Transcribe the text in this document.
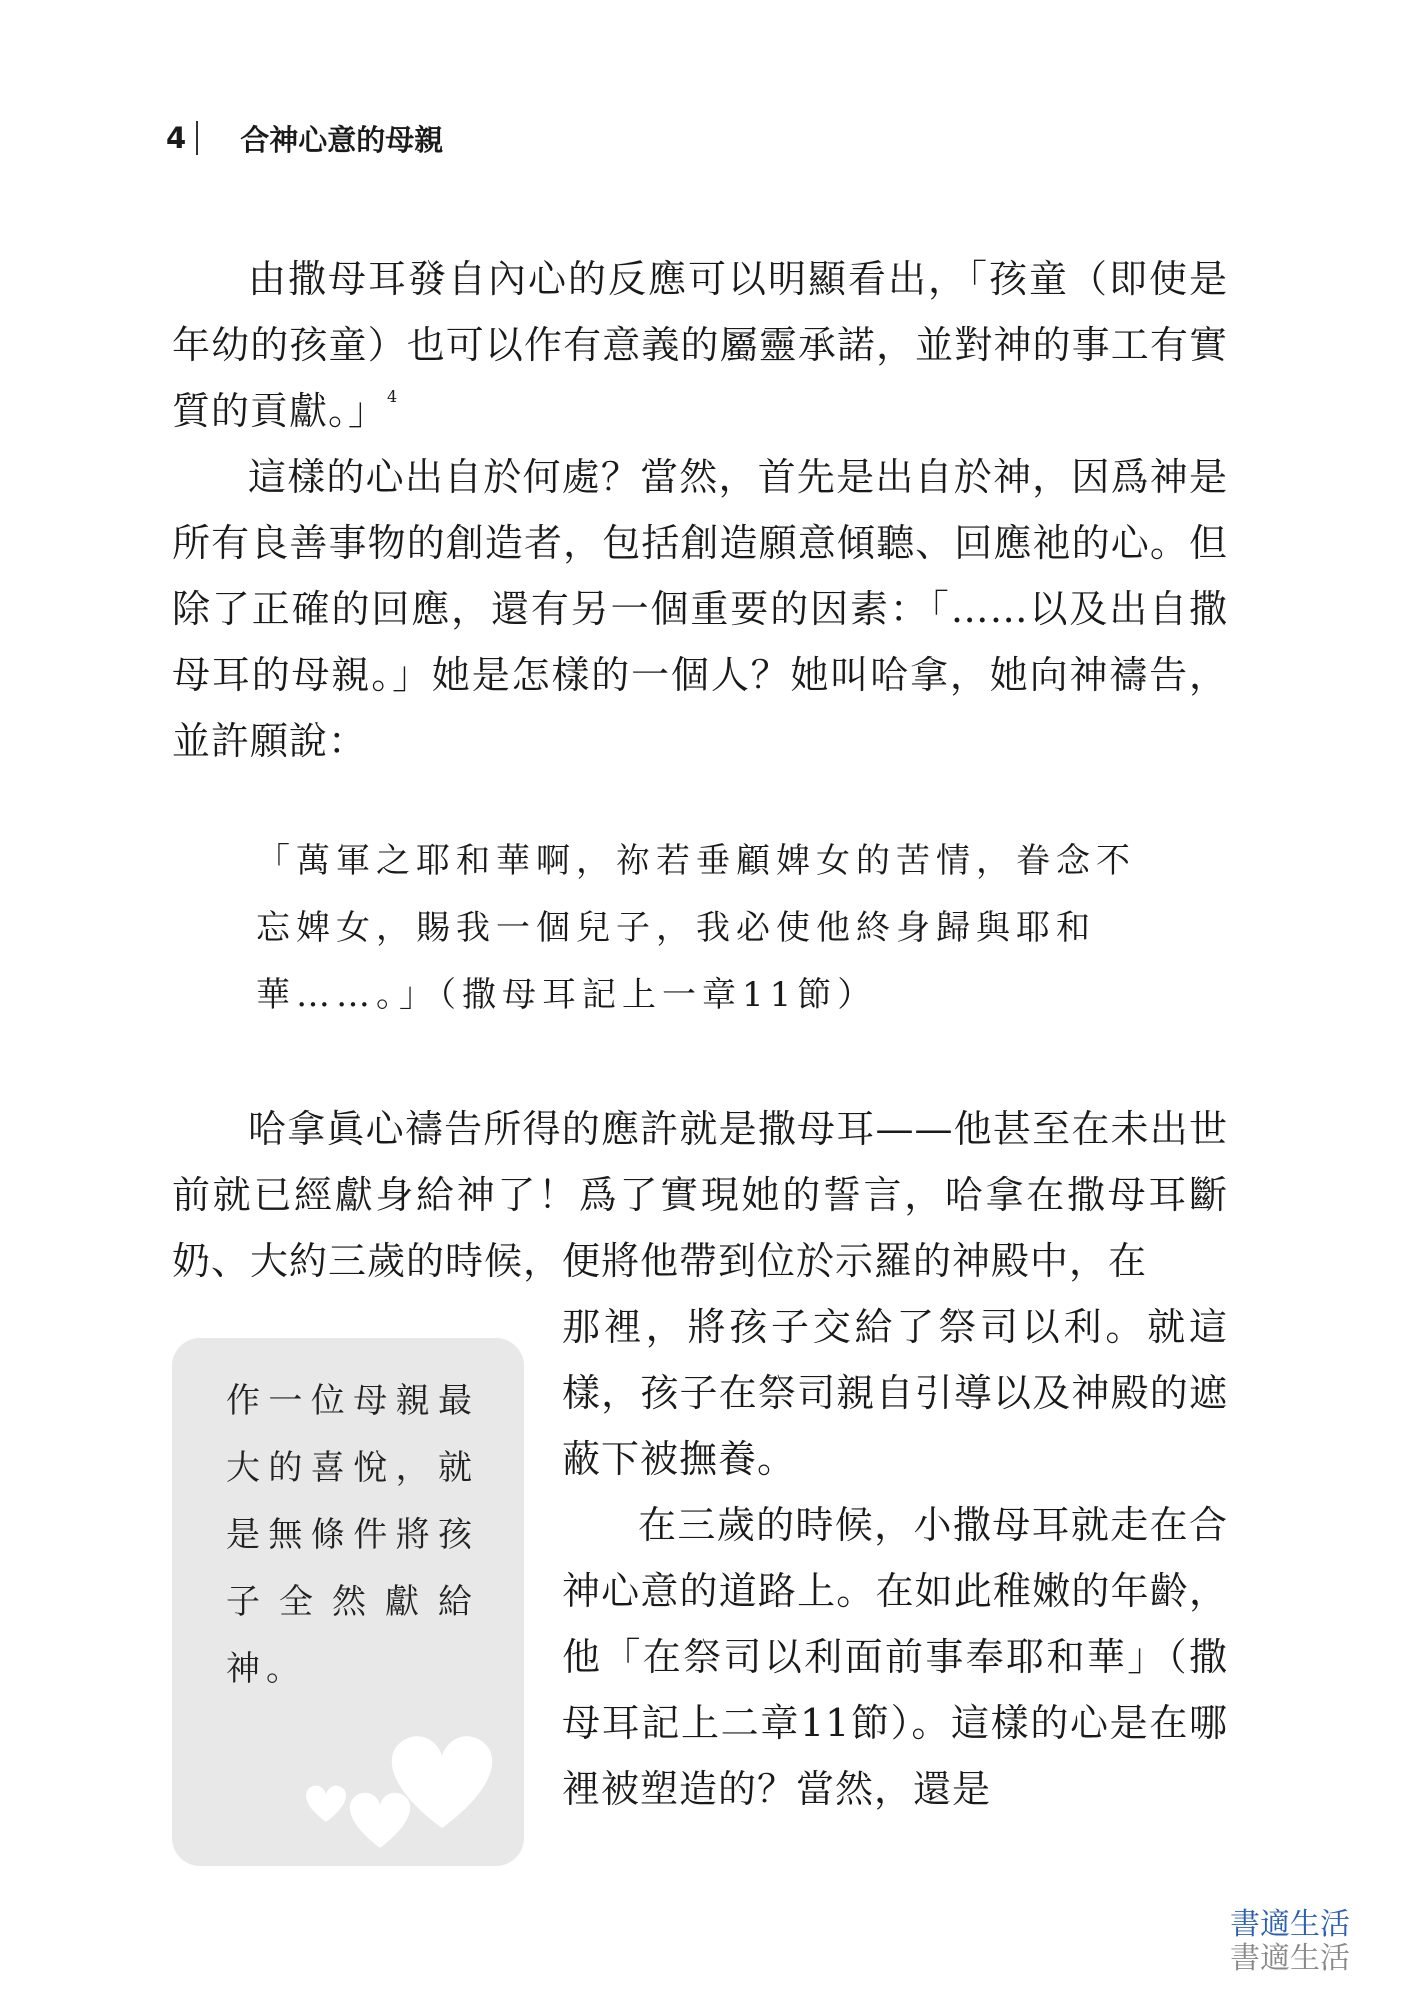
4 合神心意的母親

由撒母耳發自內心的反應可以明顯看出，「孩童（即使是年幼的孩童）也可以作有意義的屬靈承諾，並對神的事工有實質的貢獻。」$^4$

這樣的心出自於何處？當然，首先是出自於神，因爲神是所有良善事物的創造者，包括創造願意傾聽、回應祂的心。但除了正確的回應，還有另一個重要的因素：「……以及出自撒母耳的母親。」她是怎樣的一個人？她叫哈拿，她向神禱告，並許願說：

「萬軍之耶和華啊，祢若垂顧婢女的苦情，眷念不忘婢女，賜我一個兒子，我必使他終身歸與耶和華……。」（撒母耳記上一章11節）

哈拿眞心禱告所得的應許就是撒母耳——他甚至在未出世前就已經獻身給神了！爲了實現她的誓言，哈拿在撒母耳斷奶、大約三歲的時候，便將他帶到位於示羅的神殿中，在

那裡，將孩子交給了祭司以利。就這樣，孩子在祭司親自引導以及神殿的遮蔽下被撫養。

在三歲的時候，小撒母耳就走在合神心意的道路上。在如此稚嫩的年齡，他「在祭司以利面前事奉耶和華」（撒母耳記上二章11節）。這樣的心是在哪裡被塑造的？當然，還是

作一位母親最大的喜悅，就是無條件將孩子全然獻給神。

書適生活
書適生活
